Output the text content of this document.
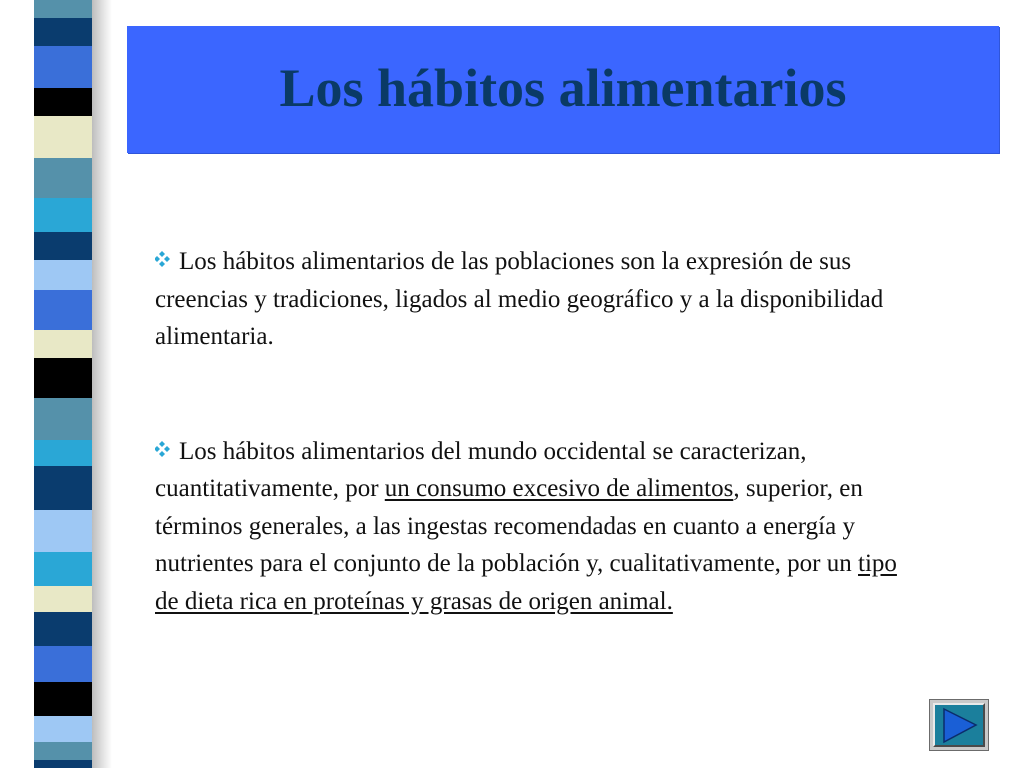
Los hábitos alimentarios

Los hábitos alimentarios de las poblaciones son la expresión de sus creencias y tradiciones, ligados al medio geográfico y a la disponibilidad alimentaria.

Los hábitos alimentarios del mundo occidental se caracterizan, cuantitativamente, por un consumo excesivo de alimentos, superior, en términos generales, a las ingestas recomendadas en cuanto a energía y nutrientes para el conjunto de la población y, cualitativamente, por un tipo de dieta rica en proteínas y grasas de origen animal.
